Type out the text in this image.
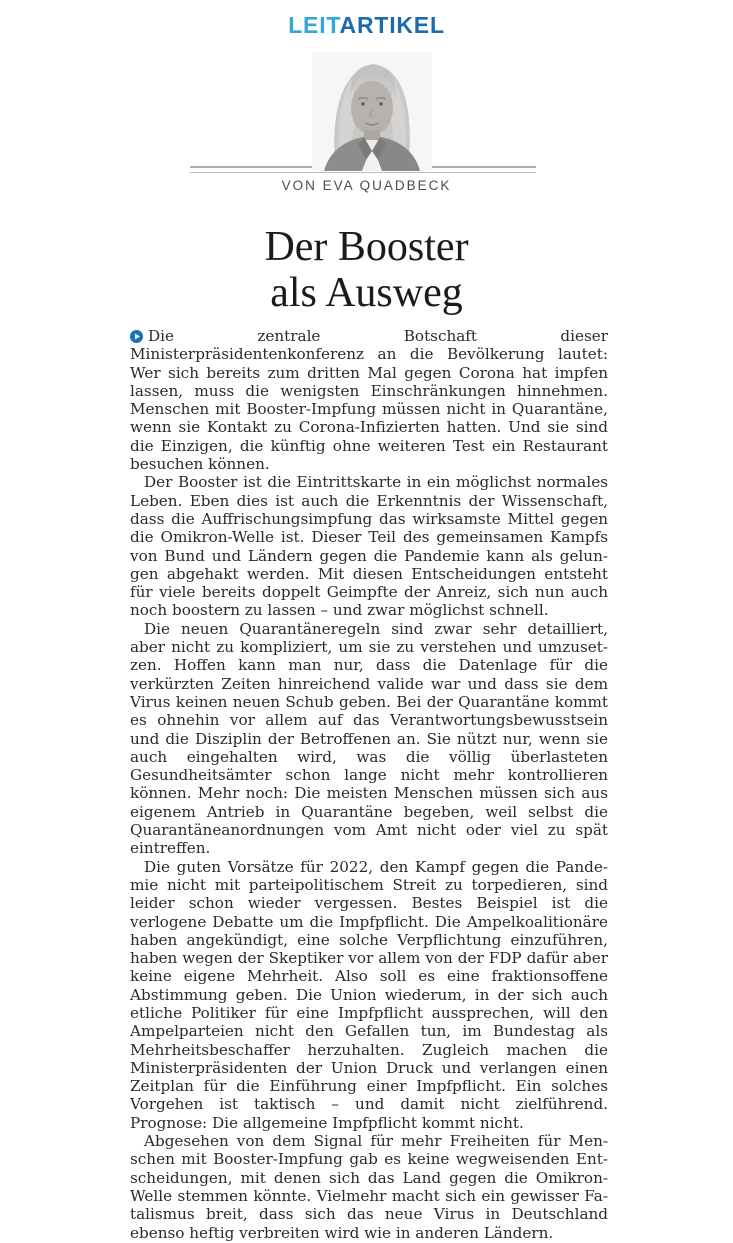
LEITARTIKEL
VON EVA QUADBECK
Der Booster
als Ausweg

Die zentrale Botschaft dieser Ministerpräsidentenkonferenz an die Bevölkerung lautet: Wer sich bereits zum dritten Mal gegen Corona hat impfen lassen, muss die wenigsten Einschränkungen hinnehmen. Menschen mit Booster-Impfung müssen nicht in Quarantäne, wenn sie Kontakt zu Corona-Infizierten hatten. Und sie sind die Einzigen, die künftig ohne weiteren Test ein Restaurant besuchen können.

Der Booster ist die Eintrittskarte in ein möglichst normales Leben. Eben dies ist auch die Erkenntnis der Wissenschaft, dass die Auffrischungsimpfung das wirksamste Mittel gegen die Omikron-Welle ist. Dieser Teil des gemeinsamen Kampfs von Bund und Ländern gegen die Pandemie kann als gelungen abgehakt werden. Mit diesen Entscheidungen entsteht für viele bereits doppelt Geimpfte der Anreiz, sich nun auch noch boostern zu lassen – und zwar möglichst schnell.

Die neuen Quarantäneregeln sind zwar sehr detailliert, aber nicht zu kompliziert, um sie zu verstehen und umzusetzen. Hoffen kann man nur, dass die Datenlage für die verkürzten Zeiten hinreichend valide war und dass sie dem Virus keinen neuen Schub geben. Bei der Quarantäne kommt es ohnehin vor allem auf das Verantwortungsbewusstsein und die Disziplin der Betroffenen an. Sie nützt nur, wenn sie auch eingehalten wird, was die völlig überlasteten Gesundheitsämter schon lange nicht mehr kontrollieren können. Mehr noch: Die meisten Menschen müssen sich aus eigenem Antrieb in Quarantäne begeben, weil selbst die Quarantäneanordnungen vom Amt nicht oder viel zu spät eintreffen.

Die guten Vorsätze für 2022, den Kampf gegen die Pandemie nicht mit parteipolitischem Streit zu torpedieren, sind leider schon wieder vergessen. Bestes Beispiel ist die verlogene Debatte um die Impfpflicht. Die Ampelkoalitionäre haben angekündigt, eine solche Verpflichtung einzuführen, haben wegen der Skeptiker vor allem von der FDP dafür aber keine eigene Mehrheit. Also soll es eine fraktionsoffene Abstimmung geben. Die Union wiederum, in der sich auch etliche Politiker für eine Impfpflicht aussprechen, will den Ampelparteien nicht den Gefallen tun, im Bundestag als Mehrheitsbeschaffer herzuhalten. Zugleich machen die Ministerpräsidenten der Union Druck und verlangen einen Zeitplan für die Einführung einer Impfpflicht. Ein solches Vorgehen ist taktisch – und damit nicht zielführend. Prognose: Die allgemeine Impfpflicht kommt nicht.

Abgesehen von dem Signal für mehr Freiheiten für Menschen mit Booster-Impfung gab es keine wegweisenden Entscheidungen, mit denen sich das Land gegen die Omikron-Welle stemmen könnte. Vielmehr macht sich ein gewisser Fatalismus breit, dass sich das neue Virus in Deutschland ebenso heftig verbreiten wird wie in anderen Ländern.
